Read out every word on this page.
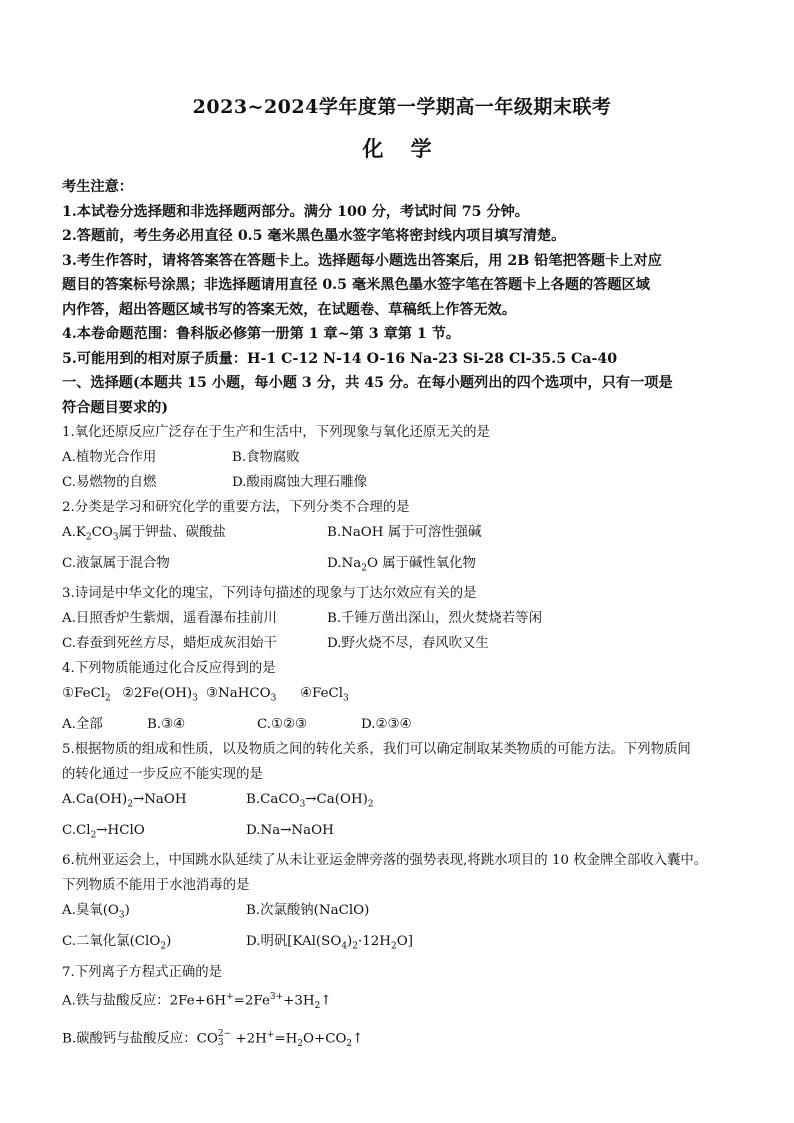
2023~2024学年度第一学期高一年级期末联考
化 学

考生注意：

1.本试卷分选择题和非选择题两部分。满分 100 分，考试时间 75 分钟。

2.答题前，考生务必用直径 0.5 毫米黑色墨水签字笔将密封线内项目填写清楚。

3.考生作答时，请将答案答在答题卡上。选择题每小题选出答案后，用 2B 铅笔把答题卡上对应

题目的答案标号涂黑；非选择题请用直径 0.5 毫米黑色墨水签字笔在答题卡上各题的答题区域

内作答，超出答题区域书写的答案无效，在试题卷、草稿纸上作答无效。

4.本卷命题范围：鲁科版必修第一册第 1 章~第 3 章第 1 节。

5.可能用到的相对原子质量：H-1 C-12 N-14 O-16 Na-23 Si-28 Cl-35.5 Ca-40

一、选择题(本题共 15 小题，每小题 3 分，共 45 分。在每小题列出的四个选项中，只有一项是

符合题目要求的)

1.氧化还原反应广泛存在于生产和生活中，下列现象与氧化还原无关的是

A.植物光合作用	B.食物腐败
C.易燃物的自燃	D.酸雨腐蚀大理石雕像

2.分类是学习和研究化学的重要方法，下列分类不合理的是

$A.K_2CO_3$属于钾盐、碳酸盐	B.NaOH 属于可溶性强碱
C.液氯属于混合物	$D.Na_2O$ 属于碱性氧化物

3.诗词是中华文化的瑰宝，下列诗句描述的现象与丁达尔效应有关的是

A.日照香炉生紫烟，遥看瀑布挂前川	B.千锤万凿出深山，烈火焚烧若等闲
C.春蚕到死丝方尽，蜡炬成灰泪始干	D.野火烧不尽，春风吹又生

4.下列物质能通过化合反应得到的是

①FeCl$_2$ $②2Fe(OH)_3$ ③NaHCO$_3$	④FeCl$_3$
A.全部	B.③④	C.①②③	D.②③④

5.根据物质的组成和性质，以及物质之间的转化关系，我们可以确定制取某类物质的可能方法。下列物质间

的转化通过一步反应不能实现的是

$A.Ca(OH)_2\to NaOH$	$B.CaCO_3\to Ca(OH)_2$
$C.Cl_2\to HClO$	D.Na→NaOH

6.杭州亚运会上，中国跳水队延续了从未让亚运金牌旁落的强势表现,将跳水项目的 10 枚金牌全部收入囊中。

下列物质不能用于水池消毒的是

A.臭氧$(O_3)$	B.次氯酸钠(NaClO)
C.二氧化氯(ClO$_2$)	D.明矾$[KAl(SO_4)_2\cdot 12H_2O]$

7.下列离子方程式正确的是

A.铁与盐酸反应：$2Fe+6H^+=2Fe^{3+}+3H_2↑$

B.碳酸钙与盐酸反应：CO 2−
$3 +2H^+=H_2O+CO_2↑$
